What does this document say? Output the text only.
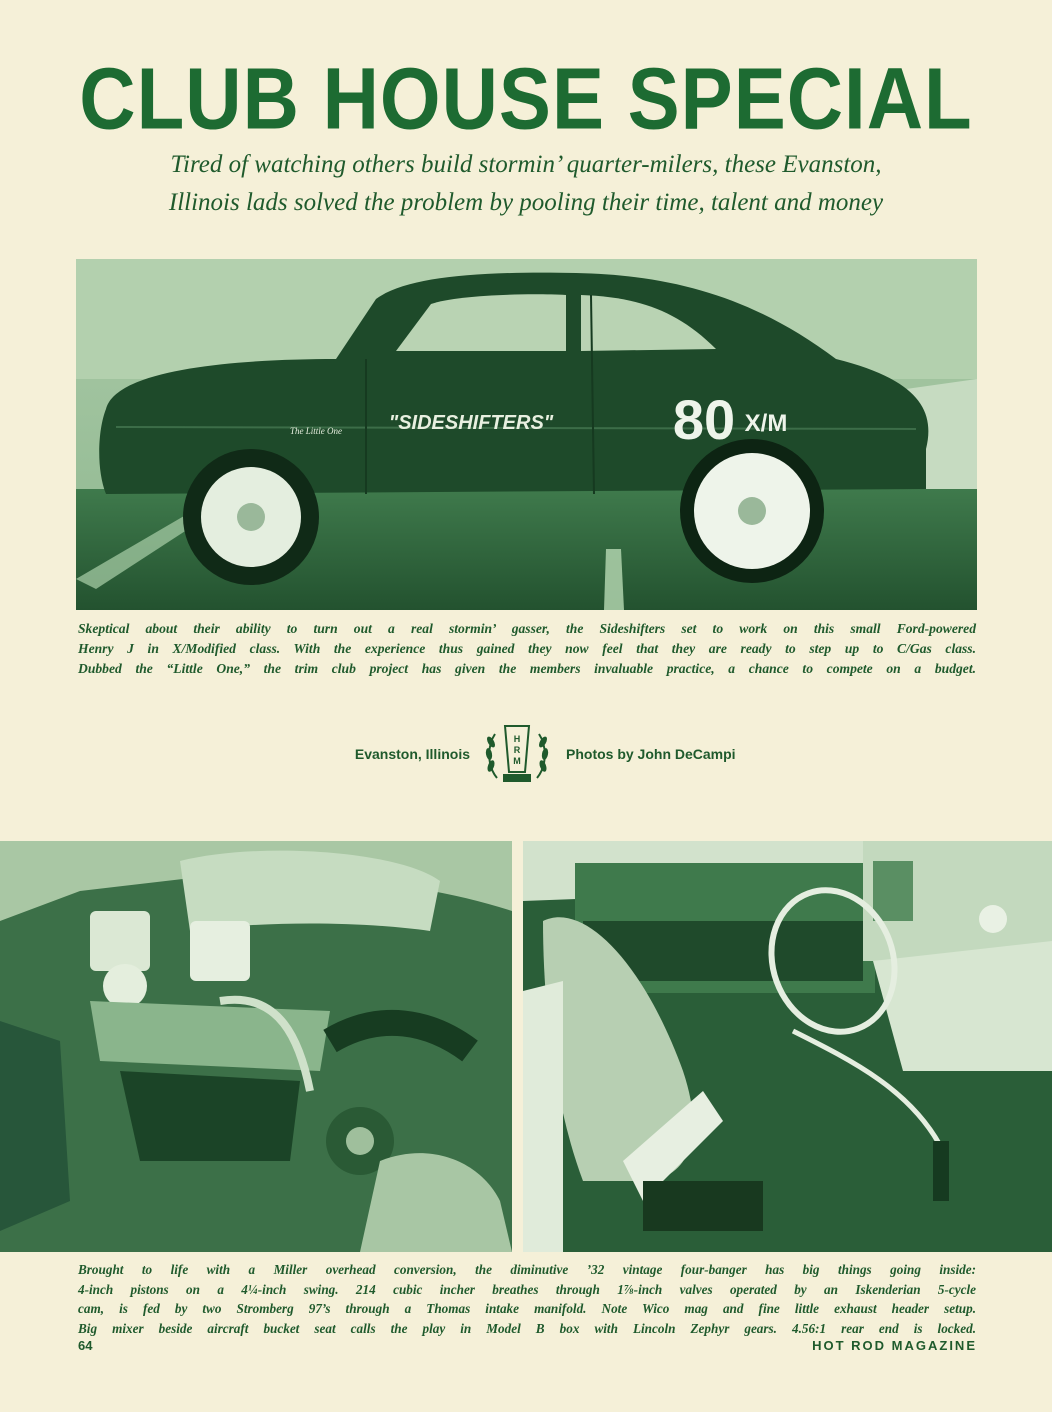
CLUB HOUSE SPECIAL
Tired of watching others build stormin’ quarter-milers, these Evanston,
Illinois lads solved the problem by pooling their time, talent and money
"SIDESHIFTERS"
The Little One	80 X/M
Skeptical about their ability to turn out a real stormin’ gasser, the Sideshifters set to work on this small Ford-powered
Henry J in X/Modified class. With the experience thus gained they now feel that they are ready to step up to C/Gas class.
Dubbed the “Little One,” the trim club project has given the members invaluable practice, a chance to compete on a budget.
Evanston, Illinois
H
R
M	Photos by John DeCampi
Brought to life with a Miller overhead conversion, the diminutive ’32 vintage four-banger has big things going inside:
4-inch pistons on a 4¼-inch swing. 214 cubic incher breathes through 1⅞-inch valves operated by an Iskenderian 5-cycle
cam, is fed by two Stromberg 97’s through a Thomas intake manifold. Note Wico mag and fine little exhaust header setup.
Big mixer beside aircraft bucket seat calls the play in Model B box with Lincoln Zephyr gears. 4.56:1 rear end is locked.
64	HOT ROD MAGAZINE
